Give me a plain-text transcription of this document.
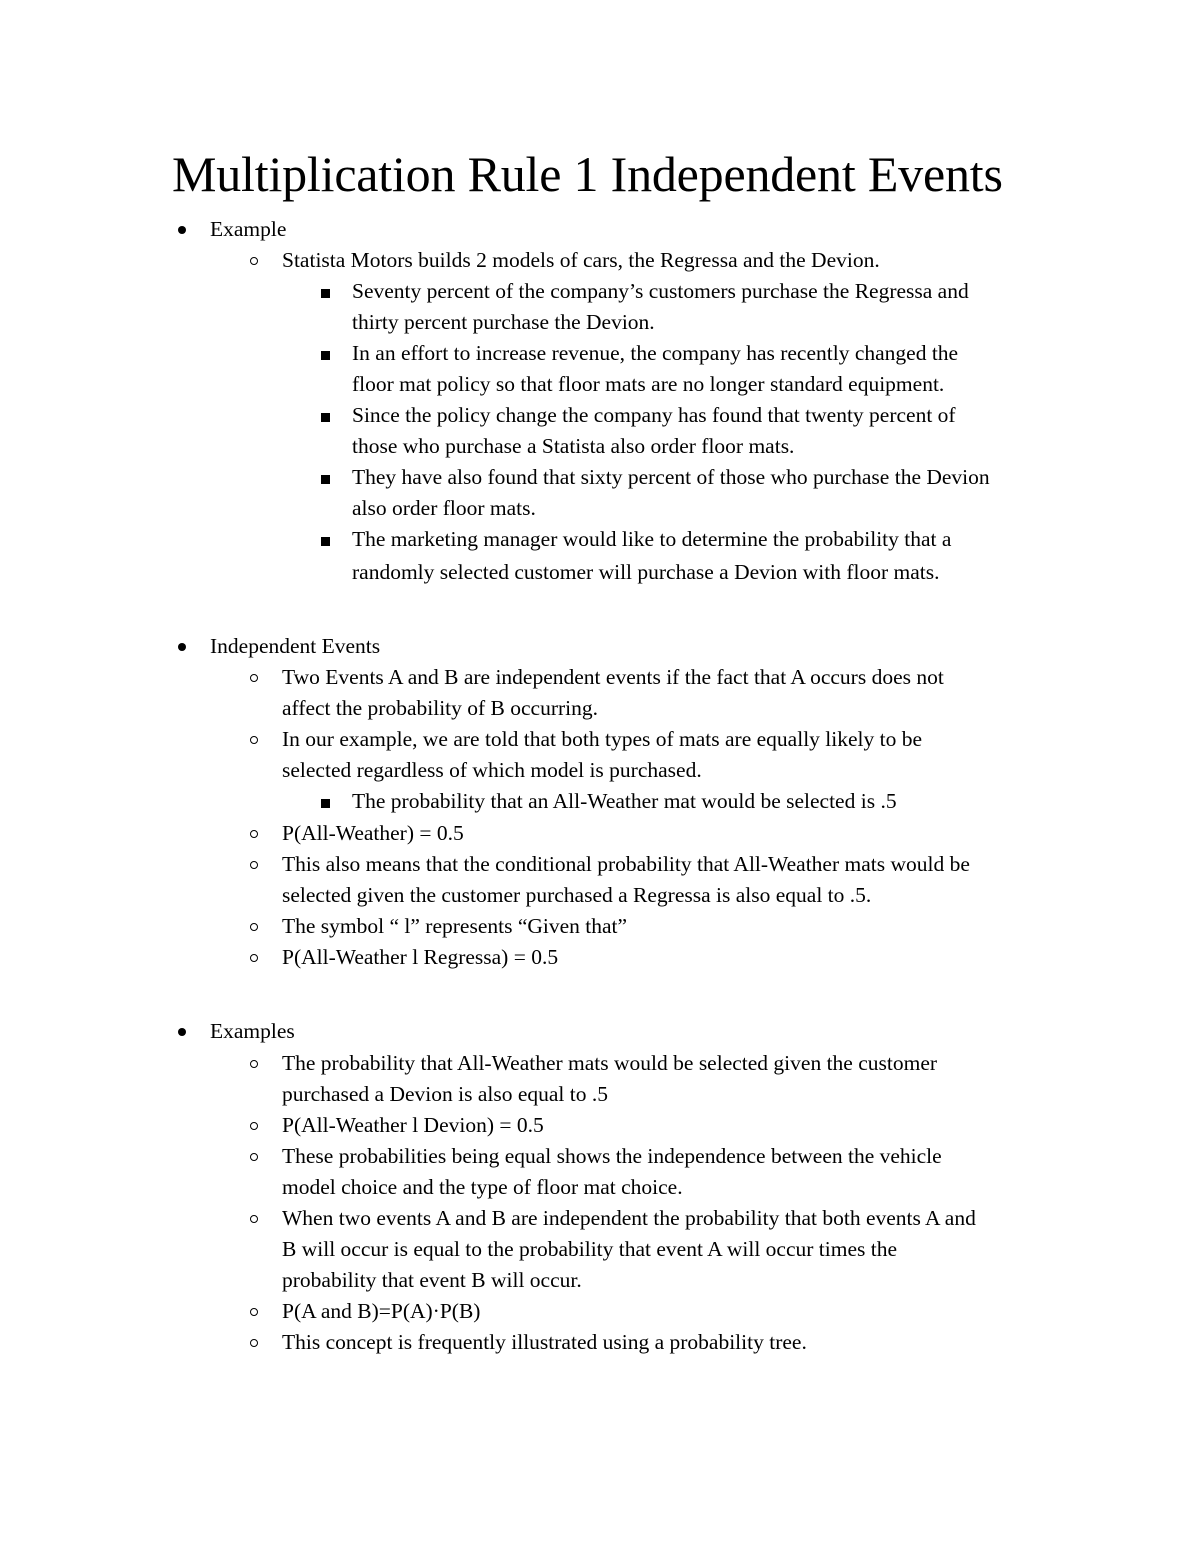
Multiplication Rule 1 Independent Events

Example

Statista Motors builds 2 models of cars, the Regressa and the Devion.

Seventy percent of the company’s customers purchase the Regressa and

thirty percent purchase the Devion.

In an effort to increase revenue, the company has recently changed the

floor mat policy so that floor mats are no longer standard equipment.

Since the policy change the company has found that twenty percent of

those who purchase a Statista also order floor mats.

They have also found that sixty percent of those who purchase the Devion

also order floor mats.

The marketing manager would like to determine the probability that a

randomly selected customer will purchase a Devion with floor mats.

Independent Events

Two Events A and B are independent events if the fact that A occurs does not

affect the probability of B occurring.

In our example, we are told that both types of mats are equally likely to be

selected regardless of which model is purchased.

The probability that an All-Weather mat would be selected is .5

P(All-Weather) = 0.5

This also means that the conditional probability that All-Weather mats would be

selected given the customer purchased a Regressa is also equal to .5.

The symbol “ l” represents “Given that”

P(All-Weather l Regressa) = 0.5

Examples

The probability that All-Weather mats would be selected given the customer

purchased a Devion is also equal to .5

P(All-Weather l Devion) = 0.5

These probabilities being equal shows the independence between the vehicle

model choice and the type of floor mat choice.

When two events A and B are independent the probability that both events A and

B will occur is equal to the probability that event A will occur times the

probability that event B will occur.

P(A and B)=P(A)·P(B)

This concept is frequently illustrated using a probability tree.
